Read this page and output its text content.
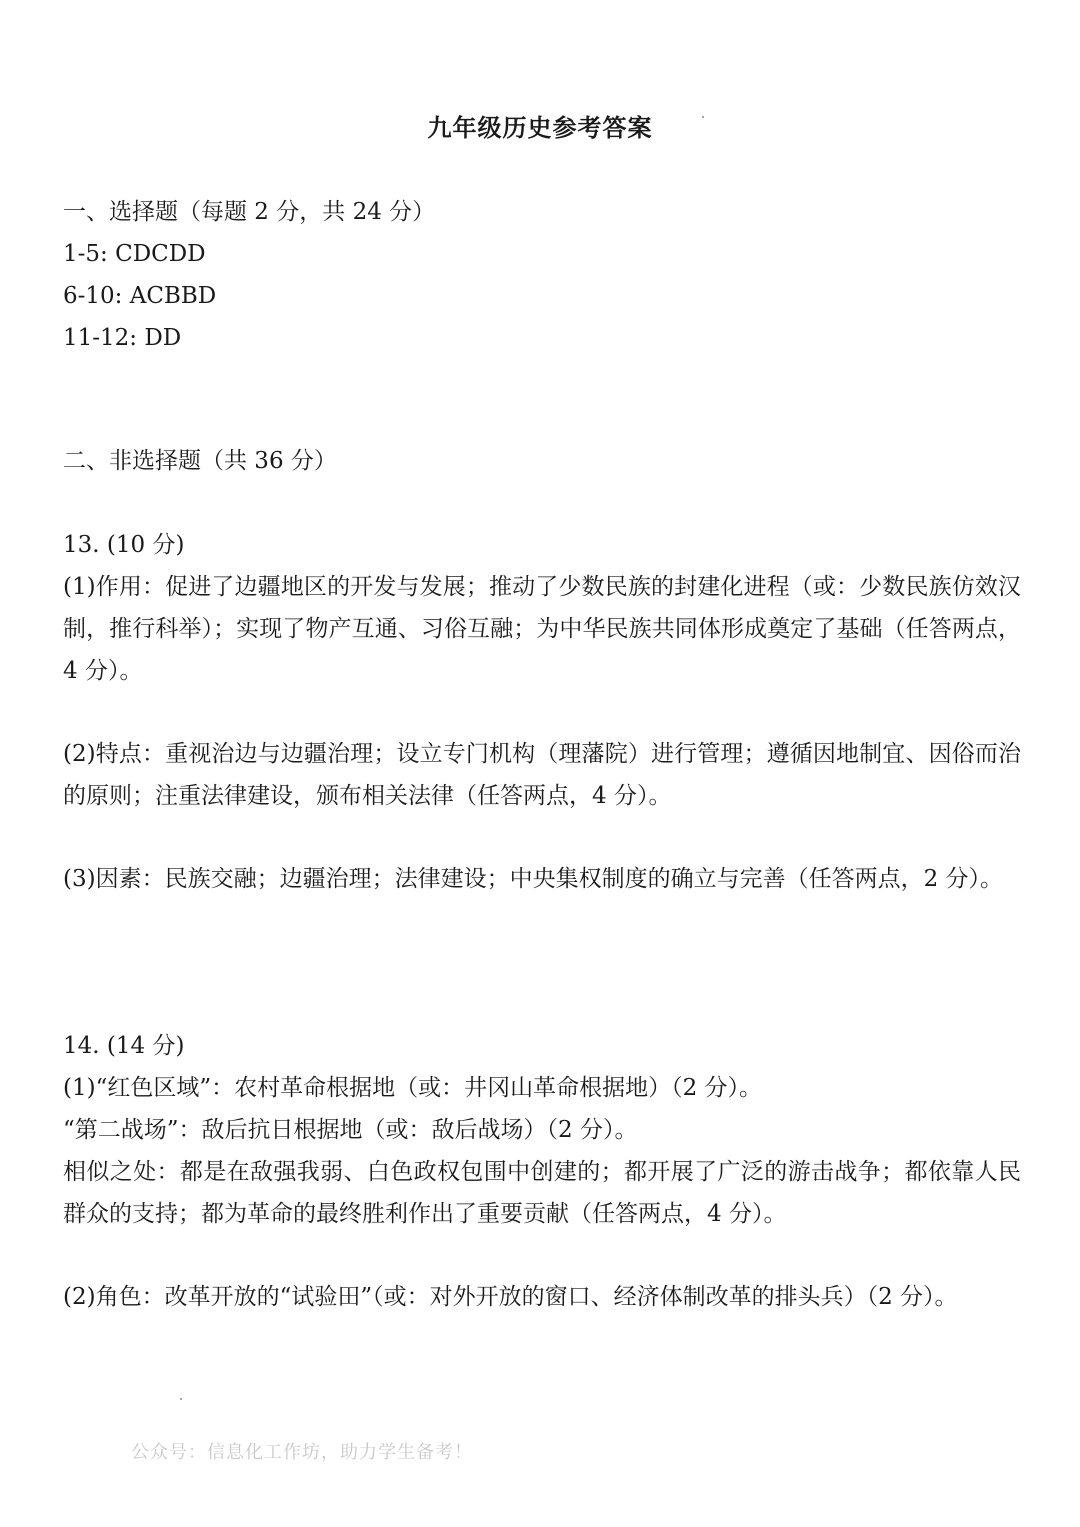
九年级历史参考答案
一、选择题（每题 2 分，共 24 分）
1-5: CDCDD
6-10: ACBBD
11-12: DD
二、非选择题（共 36 分）
13. (10 分)
(1)作用：促进了边疆地区的开发与发展；推动了少数民族的封建化进程（或：少数民族仿效汉制，推行科举）；实现了物产互通、习俗互融；为中华民族共同体形成奠定了基础（任答两点，4 分）。
(2)特点：重视治边与边疆治理；设立专门机构（理藩院）进行管理；遵循因地制宜、因俗而治的原则；注重法律建设，颁布相关法律（任答两点，4 分）。
(3)因素：民族交融；边疆治理；法律建设；中央集权制度的确立与完善（任答两点，2 分）。
14. (14 分)
(1)“红色区域”：农村革命根据地（或：井冈山革命根据地）（2 分）。
“第二战场”：敌后抗日根据地（或：敌后战场）（2 分）。
相似之处：都是在敌强我弱、白色政权包围中创建的；都开展了广泛的游击战争；都依靠人民群众的支持；都为革命的最终胜利作出了重要贡献（任答两点，4 分）。
(2)角色：改革开放的“试验田”（或：对外开放的窗口、经济体制改革的排头兵）（2 分）。
公众号：信息化工作坊，助力学生备考！
